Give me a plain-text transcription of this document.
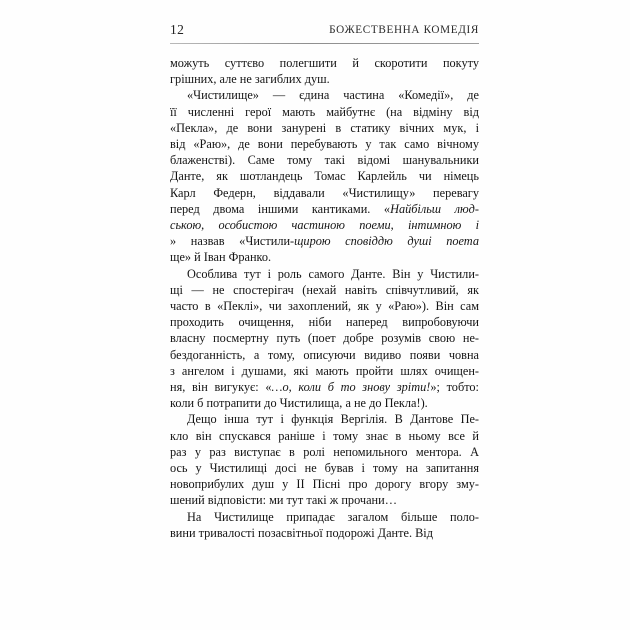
12	БОЖЕСТВЕННА КОМЕДІЯ

можуть суттєво полегшити й скоротити покуту
грішних, але не загиблих душ.

«Чистилище» — єдина частина «Комедії», де
її численні герої мають майбутнє (на відміну від
«Пекла», де вони занурені в статику вічних мук, і
від «Раю», де вони перебувають у так само вічному
блаженстві). Саме тому такі відомі шанувальники
Данте, як шотландець Томас Карлейль чи німець
Карл Федерн, віддавали «Чистилищу» перевагу
перед двома іншими кантиками. «Найбільш люд-
ською, особистою частиною поеми, інтимною і
» назвав «Чистили-щирою сповіддю душі поета
ще» й Іван Франко.

Особлива тут і роль самого Данте. Він у Чистили-
щі — не спостерігач (нехай навіть співчутливий, як
часто в «Пеклі», чи захоплений, як у «Раю»). Він сам
проходить очищення, ніби наперед випробовуючи
власну посмертну путь (поет добре розумів свою не-
бездоганність, а тому, описуючи видиво появи човна
з ангелом і душами, які мають пройти шлях очищен-
ня, він вигукує: «…о, коли б то знову зріти!»; тобто:
коли б потрапити до Чистилища, а не до Пекла!).

Дещо інша тут і функція Вергілія. В Дантове Пе-
кло він спускався раніше і тому знає в ньому все й
раз у раз виступає в ролі непомильного ментора. А
ось у Чистилищі досі не бував і тому на запитання
новоприбулих душ у II Пісні про дорогу вгору зму-
шений відповісти: ми тут такі ж прочани…

На Чистилище припадає загалом більше поло-
вини тривалості позасвітньої подорожі Данте. Від
